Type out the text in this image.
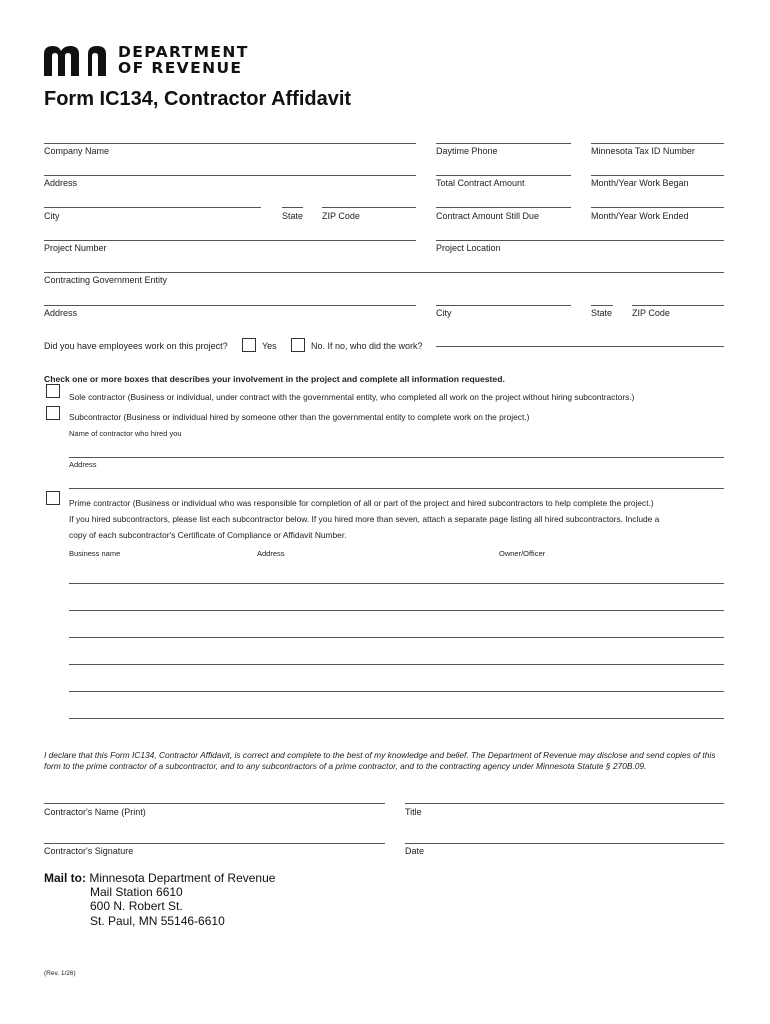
DEPARTMENT
OF REVENUE
Form IC134, Contractor Affidavit
Company Name	Daytime Phone	Minnesota Tax ID Number
Address	Total Contract Amount	Month/Year Work Began
City	State ZIP Code	Contract Amount Still Due	Month/Year Work Ended
Project Number	Project Location
Contracting Government Entity
Address	City	State ZIP Code
Did you have employees work on this project?	Yes	No. If no, who did the work?
Check one or more boxes that describes your involvement in the project and complete all information requested.
Sole contractor (Business or individual, under contract with the governmental entity, who completed all work on the project without hiring subcontractors.)
Subcontractor (Business or individual hired by someone other than the governmental entity to complete work on the project.)
Name of contractor who hired you
Address
Prime contractor (Business or individual who was responsible for completion of all or part of the project and hired subcontractors to help complete the project.)
If you hired subcontractors, please list each subcontractor below. If you hired more than seven, attach a separate page listing all hired subcontractors. Include a
copy of each subcontractor's Certificate of Compliance or Affidavit Number.
Business name	Address	Owner/Officer
I declare that this Form IC134, Contractor Affidavit, is correct and complete to the best of my knowledge and belief. The Department of Revenue may disclose and send copies of this form to the prime contractor of a subcontractor, and to any subcontractors of a prime contractor, and to the contracting agency under Minnesota Statute § 270B.09.
Contractor's Name (Print)	Title
Contractor's Signature	Date
Mail to: Minnesota Department of Revenue
Mail Station 6610
600 N. Robert St.
St. Paul, MN 55146-6610
(Rev. 1/26)
